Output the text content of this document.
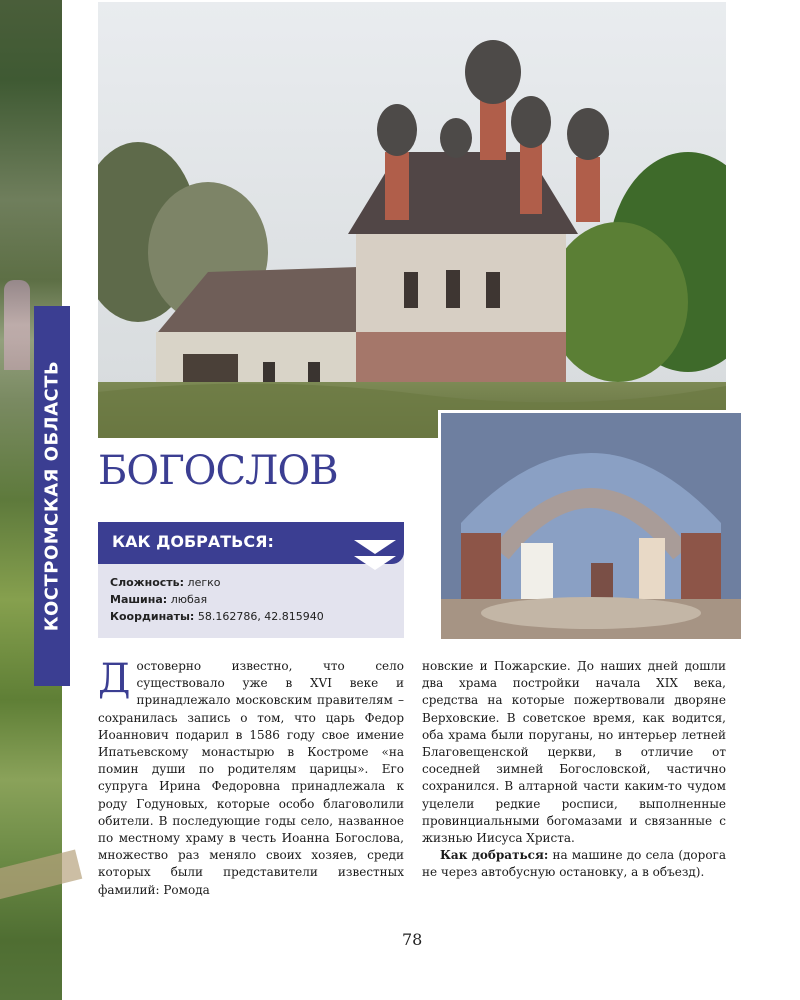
КОСТРОМСКАЯ ОБЛАСТЬ БОГОСЛОВ
КАК ДОБРАТЬСЯ:
Сложность: легко
Машина: любая
Координаты: 58.162786, 42.815940
Достоверно известно, что село существовало уже в XVI веке и принадлежало московским правителям – сохранилась запись о том, что царь Федор Иоаннович подарил в 1586 году свое имение Ипатьевскому монастырю в Костроме «на помин души по родителям царицы». Его супруга Ирина Федоровна принадлежала к роду Годуновых, которые особо благоволили обители. В последующие годы село, названное по местному храму в честь Иоанна Богослова, множество раз меняло своих хозяев, среди которых были представители известных фамилий: Ромода
новские и Пожарские. До наших дней дошли два храма постройки начала XIX века, средства на которые пожертвовали дворяне Верховские. В советское время, как водится, оба храма были поруганы, но интерьер летней Благовещенской церкви, в отличие от соседней зимней Богословской, частично сохранился. В алтарной части каким-то чудом уцелели редкие росписи, выполненные провинциальными богомазами и связанные с жизнью Иисуса Христа.
Как добраться: на машине до села (дорога не через автобусную остановку, а в объезд).
78
